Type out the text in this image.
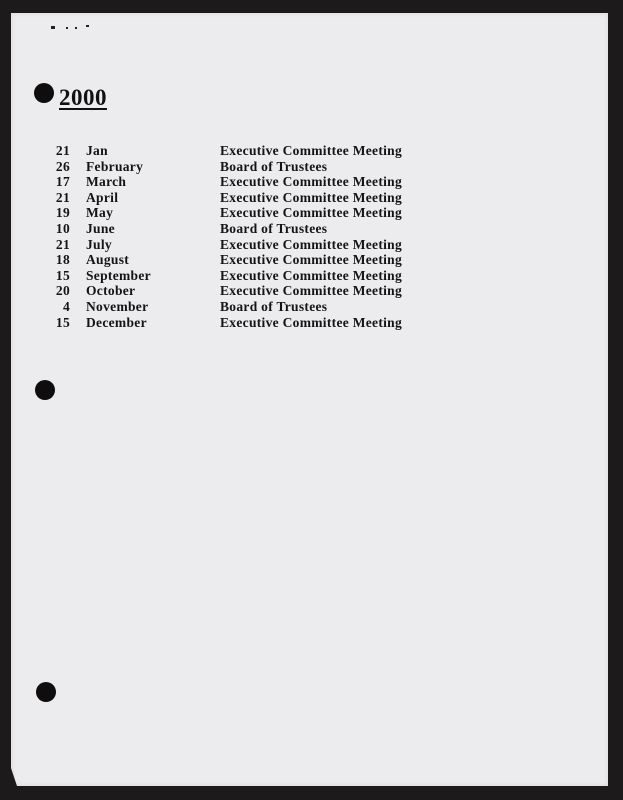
2000
21 Jan	Executive Committee Meeting
26 February	Board of Trustees
17 March	Executive Committee Meeting
21 April	Executive Committee Meeting
19 May	Executive Committee Meeting
10 June	Board of Trustees
21 July	Executive Committee Meeting
18 August	Executive Committee Meeting
15 September	Executive Committee Meeting
20 October	Executive Committee Meeting
4 November	Board of Trustees
15 December	Executive Committee Meeting
